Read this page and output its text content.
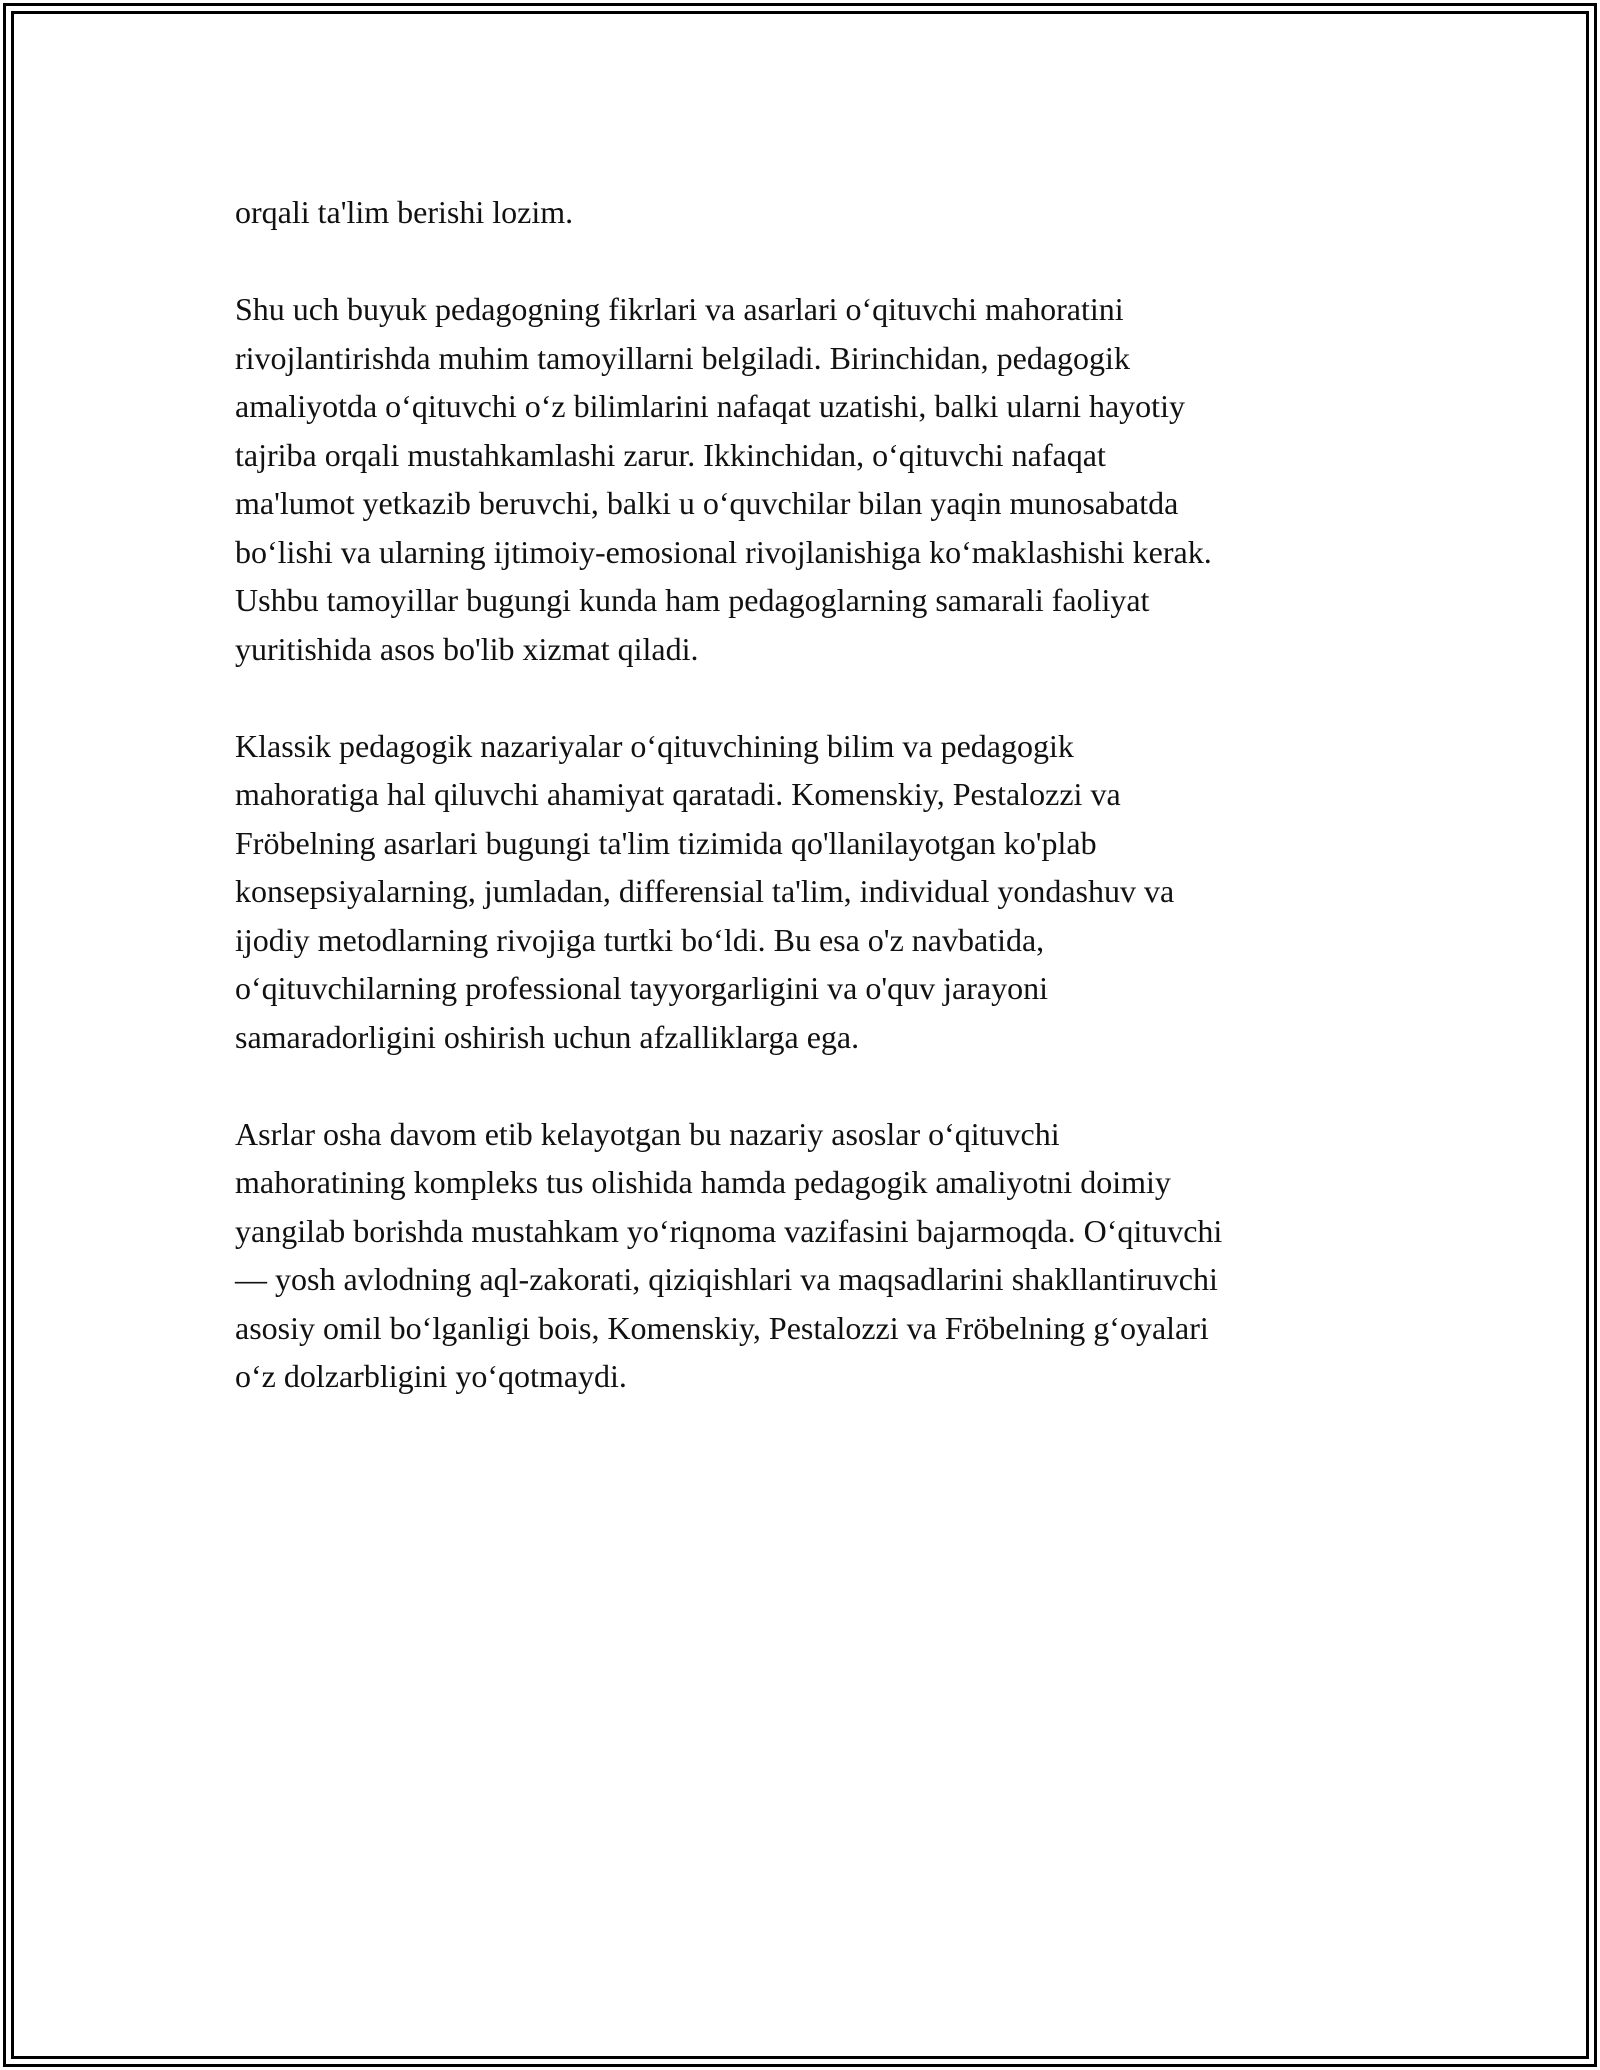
orqali ta'lim berishi lozim.

Shu uch buyuk pedagogning fikrlari va asarlari o‘qituvchi mahoratini
rivojlantirishda muhim tamoyillarni belgiladi. Birinchidan, pedagogik
amaliyotda o‘qituvchi o‘z bilimlarini nafaqat uzatishi, balki ularni hayotiy
tajriba orqali mustahkamlashi zarur. Ikkinchidan, o‘qituvchi nafaqat
ma'lumot yetkazib beruvchi, balki u o‘quvchilar bilan yaqin munosabatda
bo‘lishi va ularning ijtimoiy-emosional rivojlanishiga ko‘maklashishi kerak.
Ushbu tamoyillar bugungi kunda ham pedagoglarning samarali faoliyat
yuritishida asos bo'lib xizmat qiladi.

Klassik pedagogik nazariyalar o‘qituvchining bilim va pedagogik
mahoratiga hal qiluvchi ahamiyat qaratadi. Komenskiy, Pestalozzi va
Fröbelning asarlari bugungi ta'lim tizimida qo'llanilayotgan ko'plab
konsepsiyalarning, jumladan, differensial ta'lim, individual yondashuv va
ijodiy metodlarning rivojiga turtki bo‘ldi. Bu esa o'z navbatida,
o‘qituvchilarning professional tayyorgarligini va o'quv jarayoni
samaradorligini oshirish uchun afzalliklarga ega.

Asrlar osha davom etib kelayotgan bu nazariy asoslar o‘qituvchi
mahoratining kompleks tus olishida hamda pedagogik amaliyotni doimiy
yangilab borishda mustahkam yo‘riqnoma vazifasini bajarmoqda. O‘qituvchi
— yosh avlodning aql-zakorati, qiziqishlari va maqsadlarini shakllantiruvchi
asosiy omil bo‘lganligi bois, Komenskiy, Pestalozzi va Fröbelning g‘oyalari
o‘z dolzarbligini yo‘qotmaydi.
